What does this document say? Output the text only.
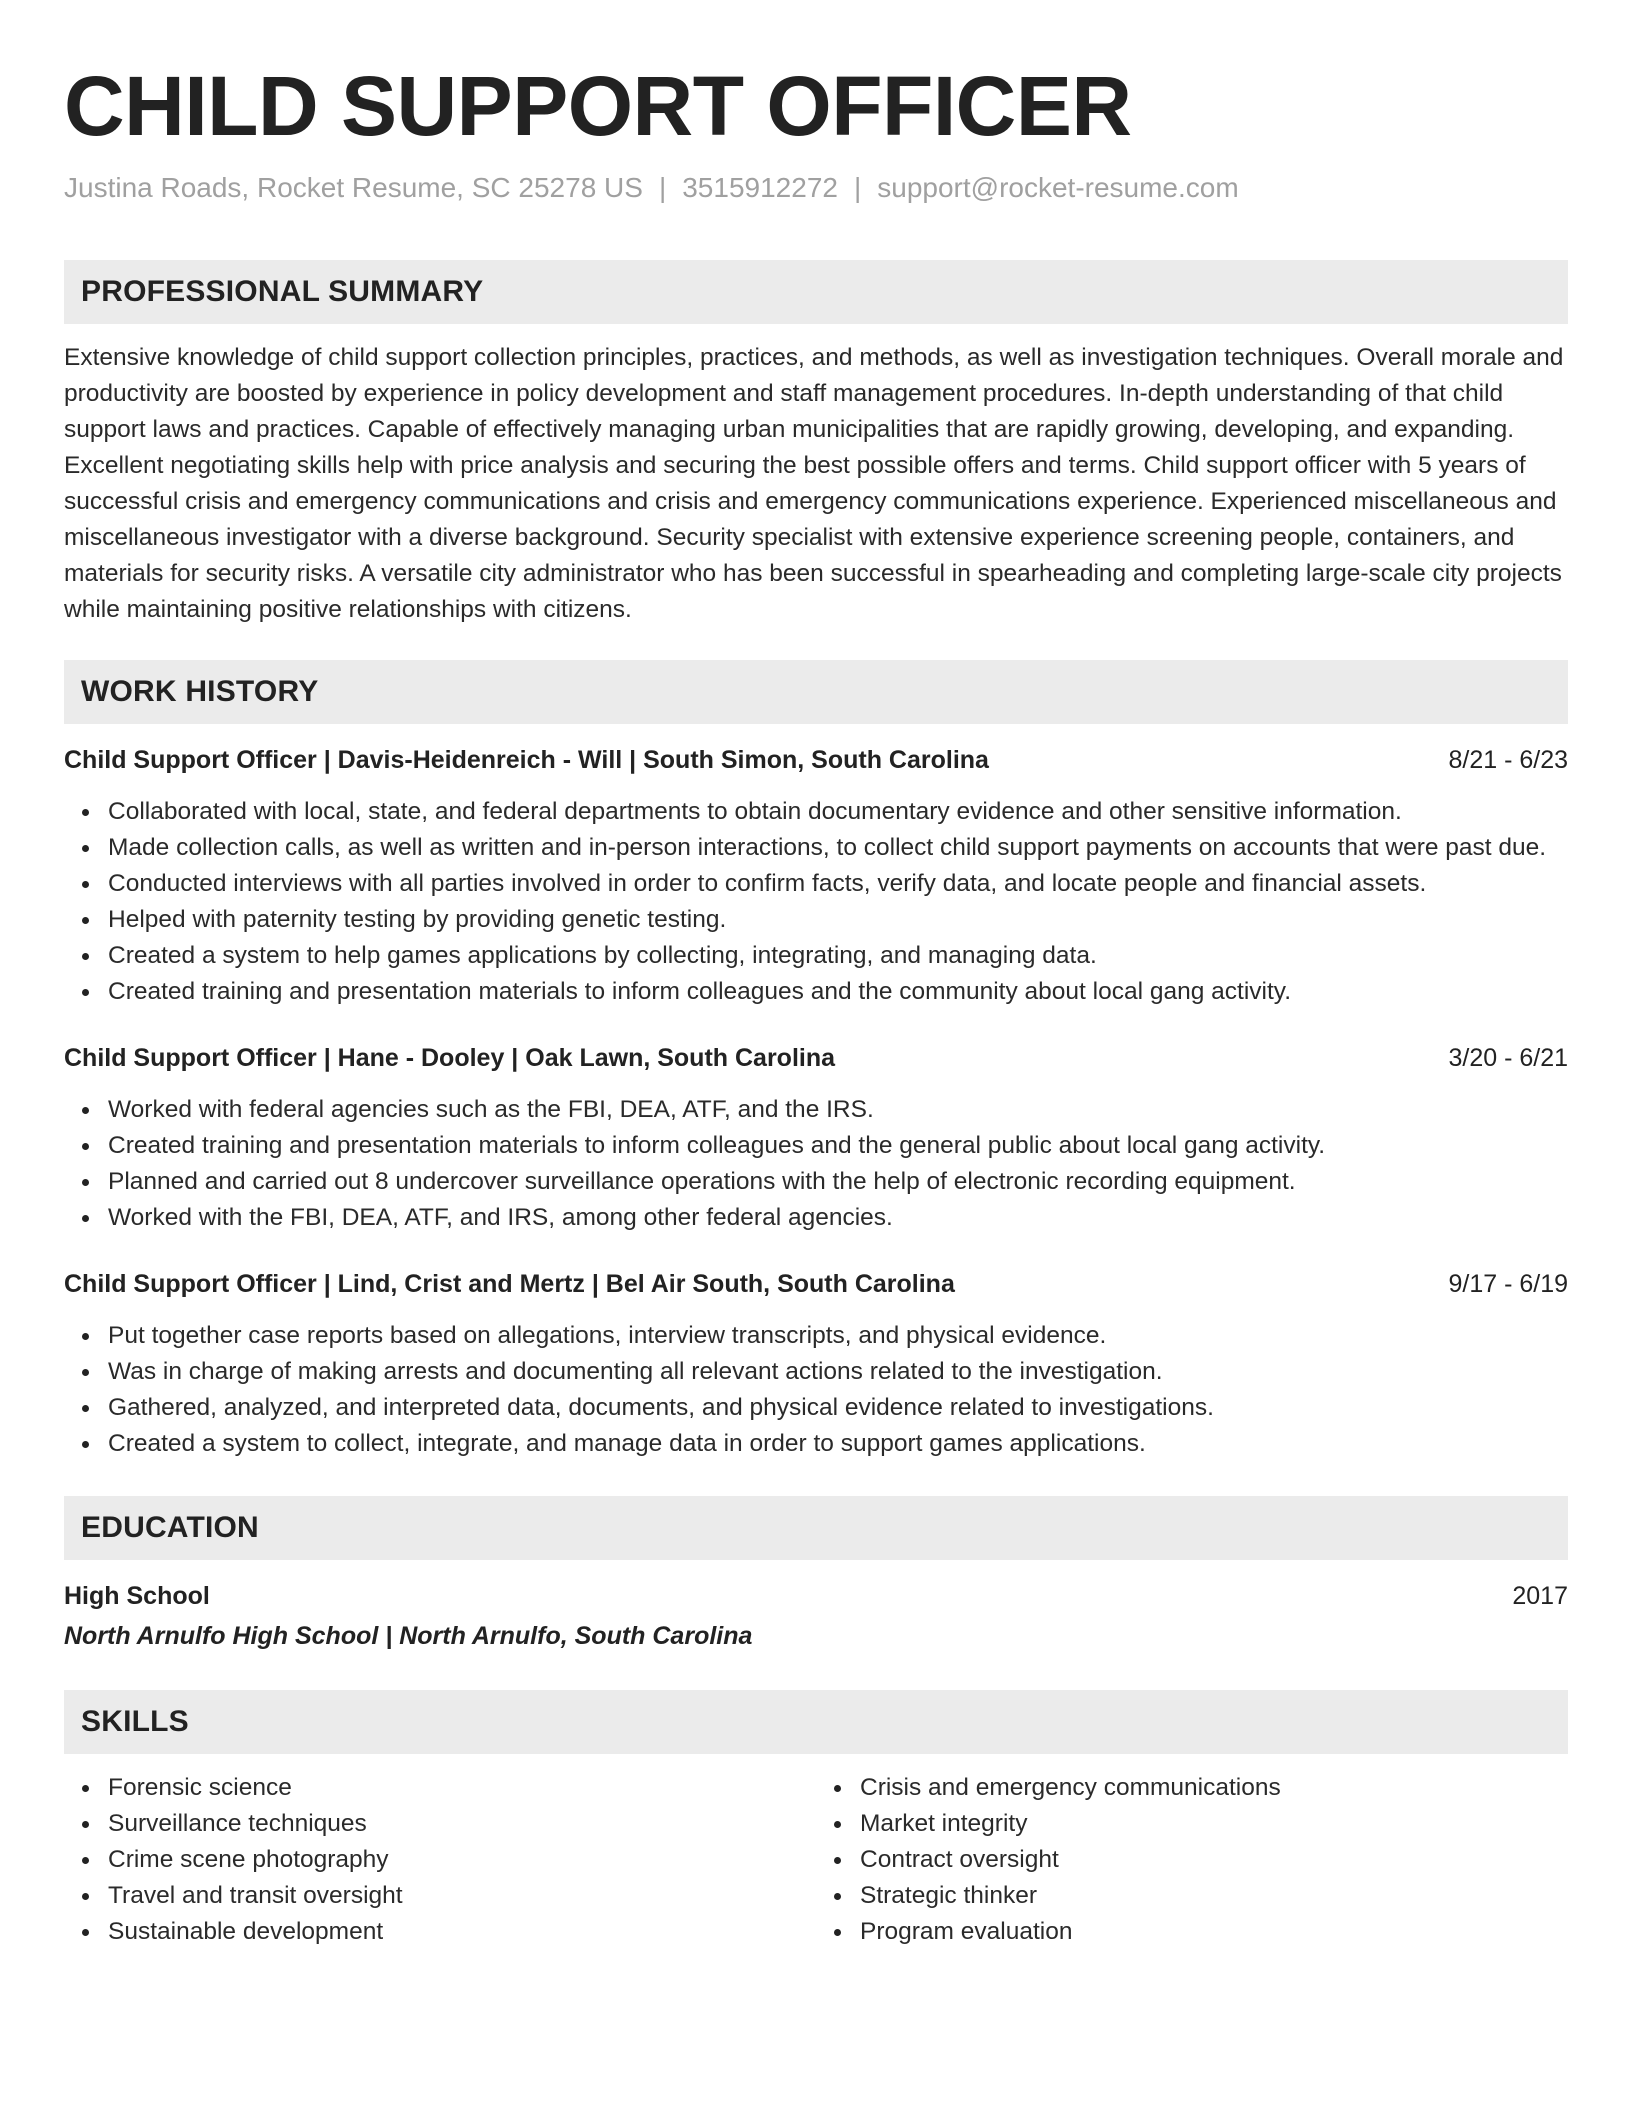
CHILD SUPPORT OFFICER
Justina Roads, Rocket Resume, SC 25278 US | 3515912272 | support@rocket-resume.com
PROFESSIONAL SUMMARY
Extensive knowledge of child support collection principles, practices, and methods, as well as investigation techniques. Overall morale and productivity are boosted by experience in policy development and staff management procedures. In-depth understanding of that child support laws and practices. Capable of effectively managing urban municipalities that are rapidly growing, developing, and expanding. Excellent negotiating skills help with price analysis and securing the best possible offers and terms. Child support officer with 5 years of successful crisis and emergency communications and crisis and emergency communications experience. Experienced miscellaneous and miscellaneous investigator with a diverse background. Security specialist with extensive experience screening people, containers, and materials for security risks. A versatile city administrator who has been successful in spearheading and completing large-scale city projects while maintaining positive relationships with citizens.
WORK HISTORY
Child Support Officer | Davis-Heidenreich - Will | South Simon, South Carolina	8/21 - 6/23
Collaborated with local, state, and federal departments to obtain documentary evidence and other sensitive information.
Made collection calls, as well as written and in-person interactions, to collect child support payments on accounts that were past due.
Conducted interviews with all parties involved in order to confirm facts, verify data, and locate people and financial assets.
Helped with paternity testing by providing genetic testing.
Created a system to help games applications by collecting, integrating, and managing data.
Created training and presentation materials to inform colleagues and the community about local gang activity.
Child Support Officer | Hane - Dooley | Oak Lawn, South Carolina	3/20 - 6/21
Worked with federal agencies such as the FBI, DEA, ATF, and the IRS.
Created training and presentation materials to inform colleagues and the general public about local gang activity.
Planned and carried out 8 undercover surveillance operations with the help of electronic recording equipment.
Worked with the FBI, DEA, ATF, and IRS, among other federal agencies.
Child Support Officer | Lind, Crist and Mertz | Bel Air South, South Carolina	9/17 - 6/19
Put together case reports based on allegations, interview transcripts, and physical evidence.
Was in charge of making arrests and documenting all relevant actions related to the investigation.
Gathered, analyzed, and interpreted data, documents, and physical evidence related to investigations.
Created a system to collect, integrate, and manage data in order to support games applications.
EDUCATION
High School	2017
North Arnulfo High School | North Arnulfo, South Carolina
SKILLS
Forensic science
Surveillance techniques
Crime scene photography
Travel and transit oversight
Sustainable development
Crisis and emergency communications
Market integrity
Contract oversight
Strategic thinker
Program evaluation
